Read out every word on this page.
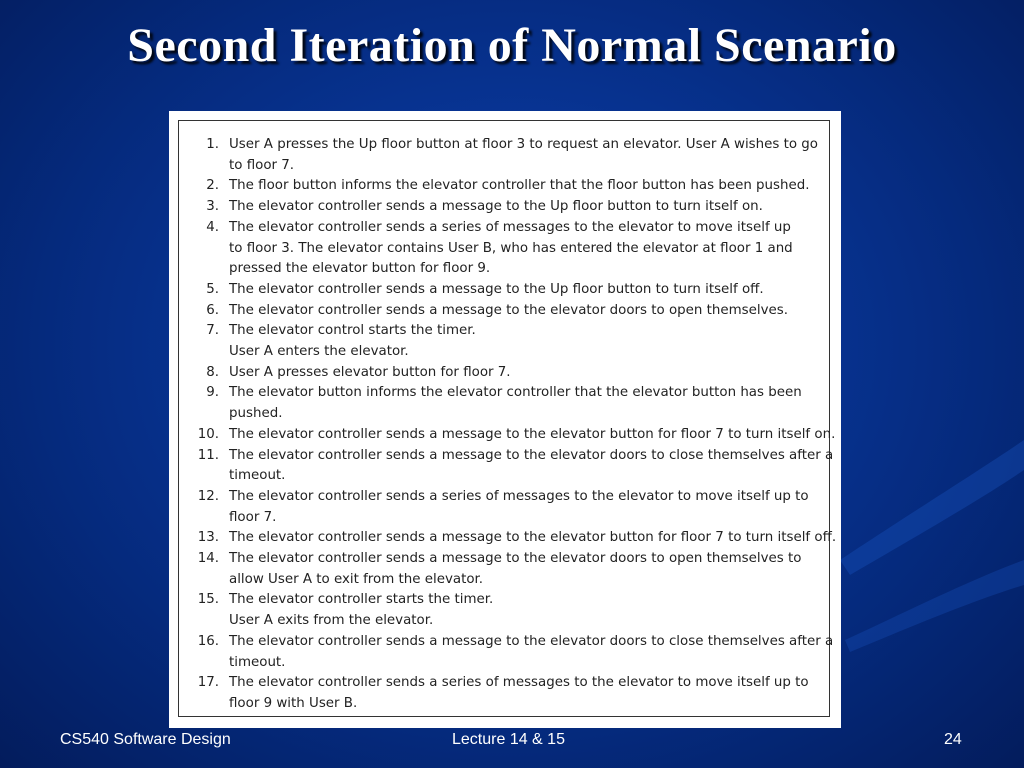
Second Iteration of Normal Scenario
1. User A presses the Up floor button at floor 3 to request an elevator. User A wishes to go
to floor 7.
2. The floor button informs the elevator controller that the floor button has been pushed.
3. The elevator controller sends a message to the Up floor button to turn itself on.
4. The elevator controller sends a series of messages to the elevator to move itself up
to floor 3. The elevator contains User B, who has entered the elevator at floor 1 and
pressed the elevator button for floor 9.
5. The elevator controller sends a message to the Up floor button to turn itself off.
6. The elevator controller sends a message to the elevator doors to open themselves.
7. The elevator control starts the timer.
User A enters the elevator.
8. User A presses elevator button for floor 7.
9. The elevator button informs the elevator controller that the elevator button has been
pushed.
10. The elevator controller sends a message to the elevator button for floor 7 to turn itself on.
11. The elevator controller sends a message to the elevator doors to close themselves after a
timeout.
12. The elevator controller sends a series of messages to the elevator to move itself up to
floor 7.
13. The elevator controller sends a message to the elevator button for floor 7 to turn itself off.
14. The elevator controller sends a message to the elevator doors to open themselves to
allow User A to exit from the elevator.
15. The elevator controller starts the timer.
User A exits from the elevator.
16. The elevator controller sends a message to the elevator doors to close themselves after a
timeout.
17. The elevator controller sends a series of messages to the elevator to move itself up to
floor 9 with User B.
CS540 Software Design	Lecture 14 & 15	24
